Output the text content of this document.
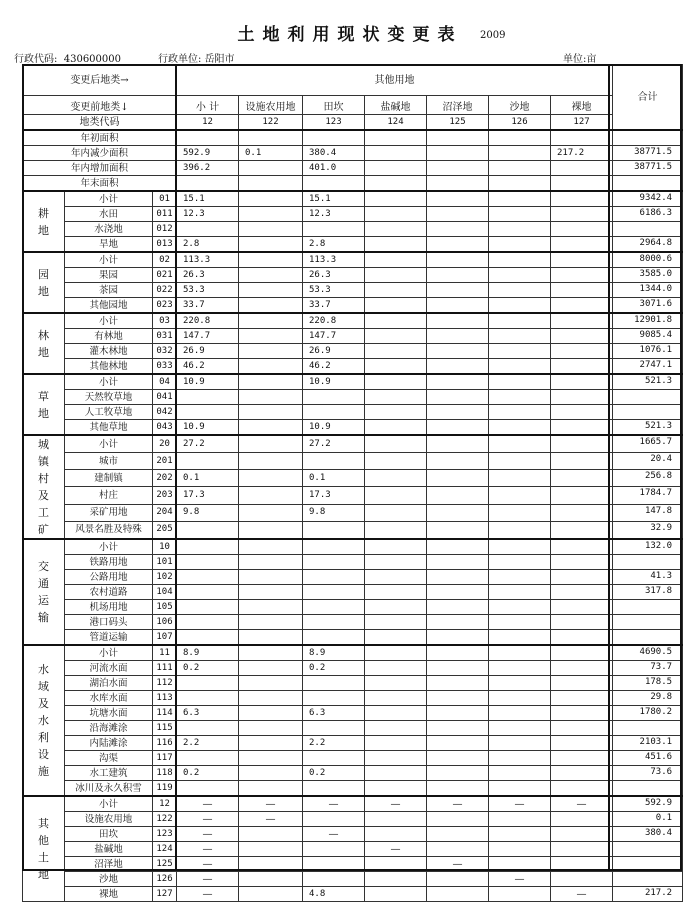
土地利用现状变更表	2009
行政代码: 430600000	行政单位: 岳阳市	单位:亩
变更后地类→			其他用地							合计
变更前地类↓			小 计	设施农用地	田坎	盐碱地	沼泽地	沙地	裸地	
地类代码			12	122	123	124	125	126	127	
年初面积										
年内减少面积			592.9	0.1	380.4				217.2	38771.5
年内增加面积			396.2		401.0					38771.5
年末面积										
耕地	小计	01	15.1		15.1					9342.4
	水田	011	12.3		12.3					6186.3
	水浇地	012								
	旱地	013	2.8		2.8					2964.8
园地	小计	02	113.3		113.3					8000.6
	果园	021	26.3		26.3					3585.0
	茶园	022	53.3		53.3					1344.0
	其他园地	023	33.7		33.7					3071.6
林地	小计	03	220.8		220.8					12901.8
	有林地	031	147.7		147.7					9085.4
	灌木林地	032	26.9		26.9					1076.1
	其他林地	033	46.2		46.2					2747.1
草地	小计	04	10.9		10.9					521.3
	天然牧草地	041								
	人工牧草地	042								
	其他草地	043	10.9		10.9					521.3
城镇村及工矿	小计	20	27.2		27.2					1665.7
	城市	201								20.4
	建制镇	202	0.1		0.1					256.8
	村庄	203	17.3		17.3					1784.7
	采矿用地	204	9.8		9.8					147.8
	风景名胜及特殊	205								32.9
交通运输	小计	10								132.0
	铁路用地	101								
	公路用地	102								41.3
	农村道路	104								317.8
	机场用地	105								
	港口码头	106								
	管道运输	107								
水域及水利设施	小计	11	8.9		8.9					4690.5
	河流水面	111	0.2		0.2					73.7
	湖泊水面	112								178.5
	水库水面	113								29.8
	坑塘水面	114	6.3		6.3					1780.2
	沿海滩涂	115								
	内陆滩涂	116	2.2		2.2					2103.1
	沟渠	117								451.6
	水工建筑	118	0.2		0.2					73.6
	冰川及永久积雪	119								
其他土地	小计	12	—	—	—	—	—	—	—	592.9
	设施农用地	122	—	—						0.1
	田坎	123	—		—					380.4
	盐碱地	124	—			—				
	沼泽地	125	—				—			
	沙地	126	—					—		
	裸地	127	—		4.8				—	217.2
